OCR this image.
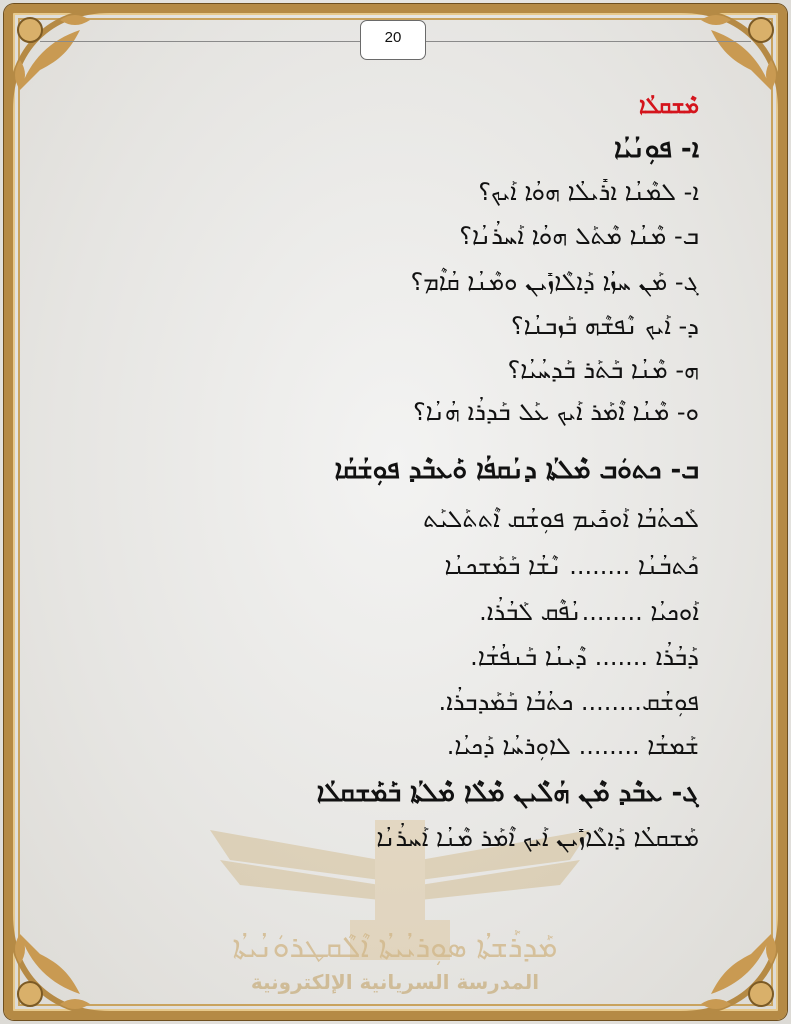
20
ܡܰܕܪܰܫܬܳܐ ܣܘܼܪܝܳܝܬܳܐ ܐܶܠܶܩܛܪܘܿܢܳܝܬܳܐ
المدرسة السريانية الإلكترونية
ܡܶܫܩܠܳܐ
ܐ- ܦܘܼܢܳܝܳܐ
ܐ- ܠܡܶܢܳܐ ܐܪܺܝܠܳܐ ܗܘܳܐ ܐܰܝܟ؟
ܒ- ܡܶܢܳܐ ܡܶܬܰܠ ܗܘܳܐ ܐܰܚܪܳܢܳܐ؟
ܓ- ܡܰܢ ܚܙܳܐ ܕܰܐܠܶܐܙܺܝܢ ܘܡܶܢܳܐ ܩܳܐܶܡ؟
ܕ- ܐܰܝܟ ܢܶܦܫܶܗ ܒܰܙܒܢܳܐ؟
ܗ- ܡܶܢܳܐ ܒܰܬܰܪ ܒܰܕܚܳܝܳܐ؟
ܘ- ܡܶܢܳܐ ܐܶܡܰܪ ܐܰܝܟ ܥܰܠ ܒܰܕܪܳܐ ܗܳܢܳܐ؟
ܒ- ܟܬܘܿܒ ܡܶܠܬܳܐ ܕܢܳܩܦܳܐ ܘܰܥܒܶܕ ܦܘܼܫܳܩܳܐ
ܠܰܟܬܳܒܳܐ ܐܰܘܟܺܝܡ ܦܘܼܫܳܩ ܐܶܬܬܰܠܝܰܬ
ܟܰܬܒܳܢܳܐ ........ ܢܶܫܳܐ ܒܰܡܰܫܟܢܳܐ
ܐܰܘܟܝܳܐ ........ܢܳܦܶܩ ܠܰܒܳܪܳܐ.
ܕܰܒܳܪܳܐ ....... ܕܶܝܢܳܐ ܒܰܢܦܳܫܳܐ.
ܦܘܼܫܳܩ........ ܟܬܳܒܳܐ ܒܰܡܰܕܒܪܳܐ.
ܫܰܡܫܳܐ ........ ܠܐܘܼܪܚܳܐ ܕܰܟܝܳܐ.
ܓ- ܥܒܶܕ ܡܶܢ ܗܳܠܶܝܢ ܡܶܠܶܐ ܡܶܠܬܳܐ ܒܰܡܰܫܩܠܳܐ
ܡܰܫܩܠܳܐ ܕܰܐܠܶܐܙܺܝܢ ܐܰܝܟ ܐܶܡܰܪ ܡܶܢܳܐ ܐܰܚܪܳܢܳܐ
